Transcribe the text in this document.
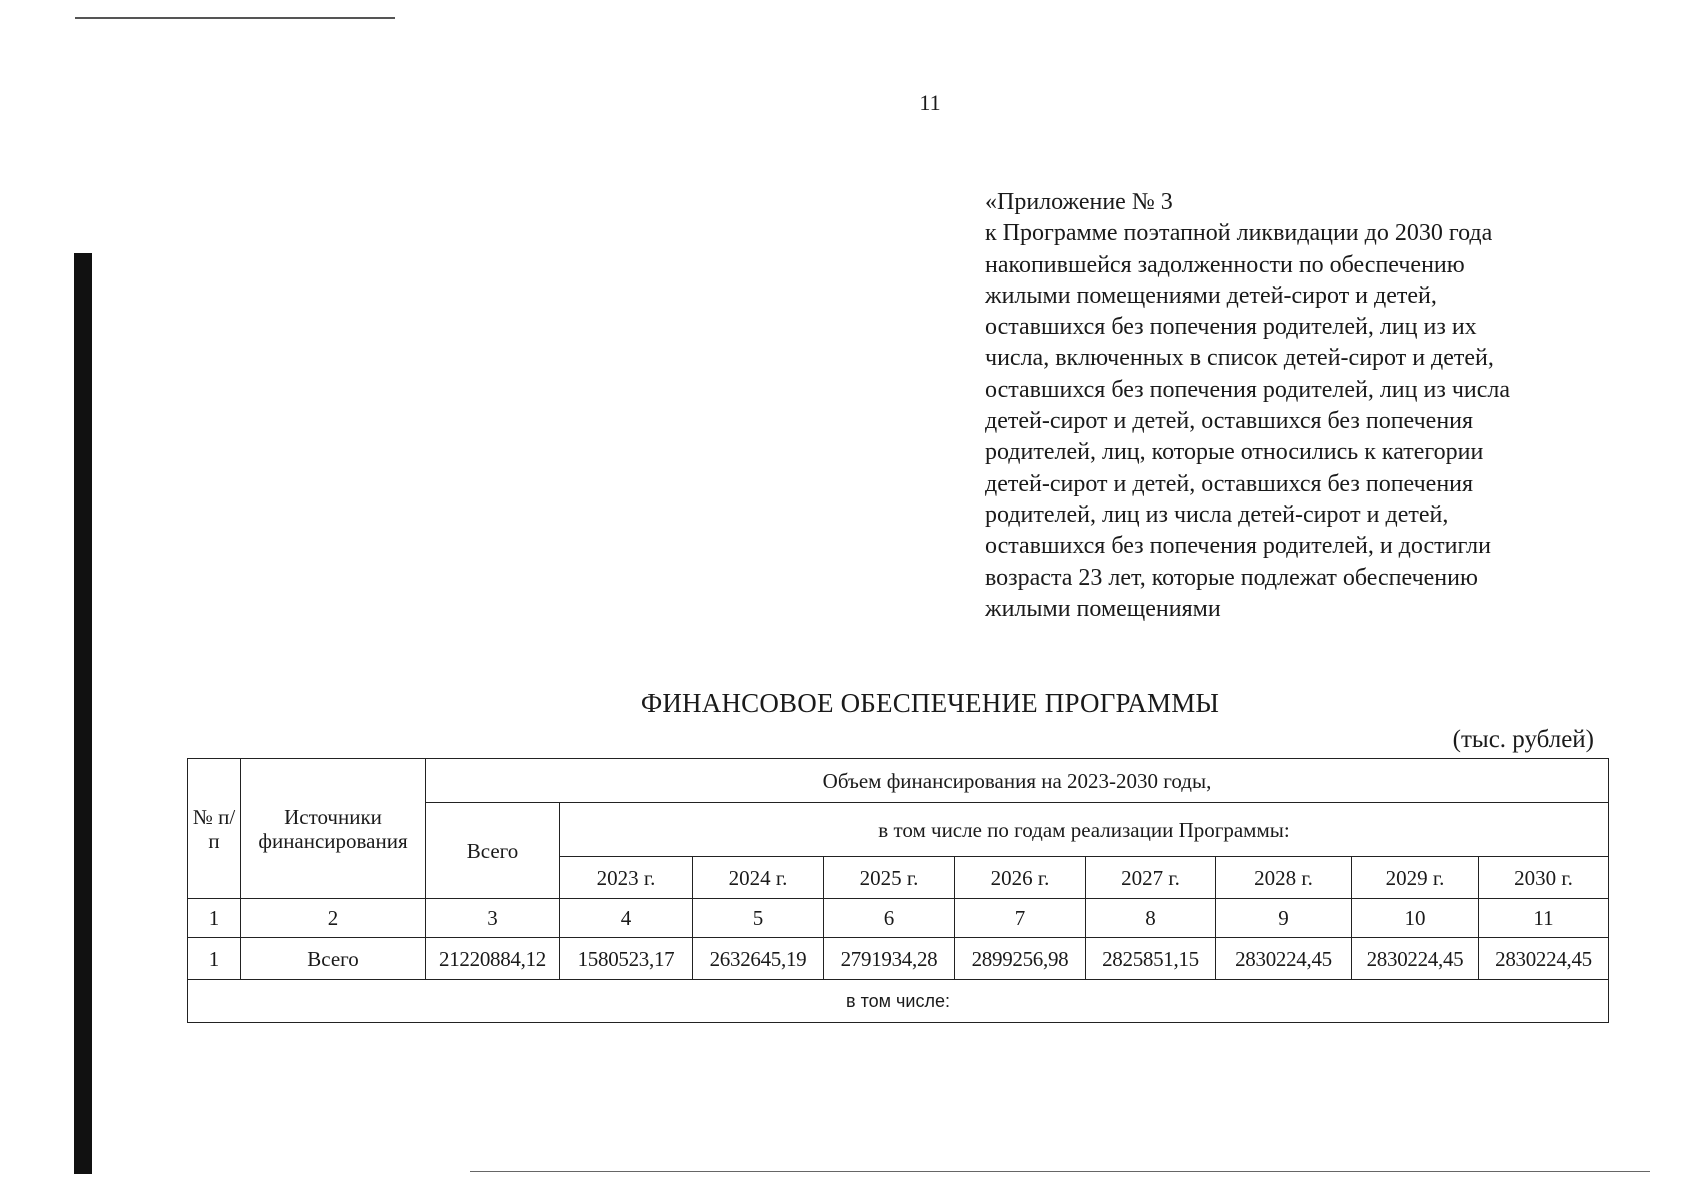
11
«Приложение № 3
к Программе поэтапной ликвидации до 2030 года
накопившейся задолженности по обеспечению
жилыми помещениями детей-сирот и детей,
оставшихся без попечения родителей, лиц из их
числа, включенных в список детей-сирот и детей,
оставшихся без попечения родителей, лиц из числа
детей-сирот и детей, оставшихся без попечения
родителей, лиц, которые относились к категории
детей-сирот и детей, оставшихся без попечения
родителей, лиц из числа детей-сирот и детей,
оставшихся без попечения родителей, и достигли
возраста 23 лет, которые подлежат обеспечению
жилыми помещениями
ФИНАНСОВОЕ ОБЕСПЕЧЕНИЕ ПРОГРАММЫ
(тыс. рублей)
№ п/п	Источники финансирования	Объем финансирования на 2023-2030 годы,								
		Всего	в том числе по годам реализации Программы:							
			2023 г.	2024 г.	2025 г.	2026 г.	2027 г.	2028 г.	2029 г.	2030 г.
1	2	3	4	5	6	7	8	9	10	11
1	Всего	21220884,12	1580523,17	2632645,19	2791934,28	2899256,98	2825851,15	2830224,45	2830224,45	2830224,45
в том числе:										
